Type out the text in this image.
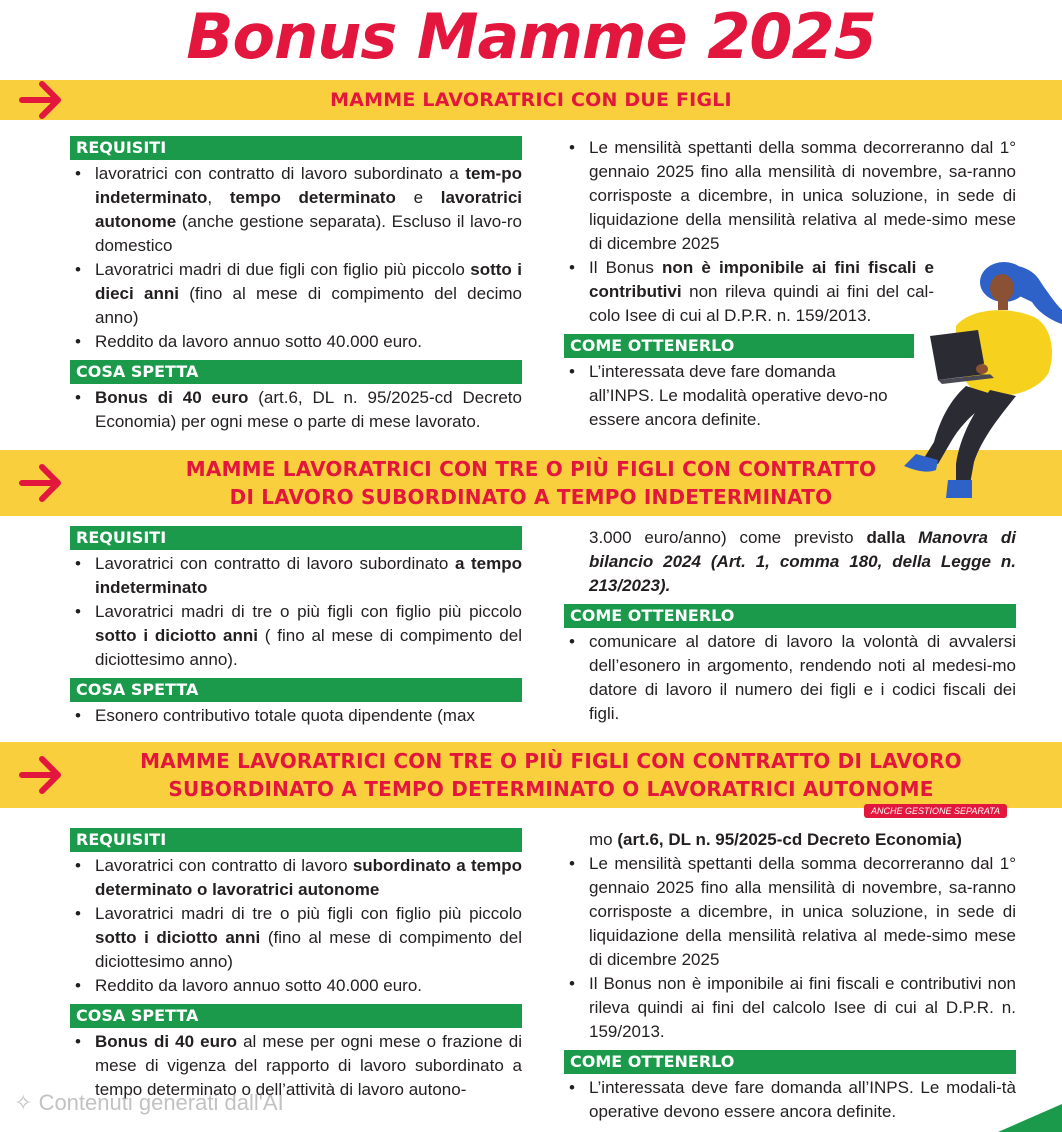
Bonus Mamme 2025
MAMME LAVORATRICI CON DUE FIGLI
REQUISITI
• lavoratrici con contratto di lavoro subordinato a tem-po indeterminato, tempo determinato e lavoratrici autonome (anche gestione separata). Escluso il lavo-ro domestico
• Lavoratrici madri di due figli con figlio più piccolo sotto i dieci anni (fino al mese di compimento del decimo anno)
• Reddito da lavoro annuo sotto 40.000 euro.
COSA SPETTA
• Bonus di 40 euro (art.6, DL n. 95/2025-cd Decreto Economia) per ogni mese o parte di mese lavorato.
• Le mensilità spettanti della somma decorreranno dal 1° gennaio 2025 fino alla mensilità di novembre, sa-ranno corrisposte a dicembre, in unica soluzione, in sede di liquidazione della mensilità relativa al mede-simo mese di dicembre 2025
• Il Bonus non è imponibile ai fini fiscali e contributivi non rileva quindi ai fini del cal-colo Isee di cui al D.P.R. n. 159/2013.
COME OTTENERLO
• L’interessata deve fare domanda all’INPS. Le modalità operative devo-no essere ancora definite.
MAMME LAVORATRICI CON TRE O PIÙ FIGLI CON CONTRATTO
DI LAVORO SUBORDINATO A TEMPO INDETERMINATO
REQUISITI
• Lavoratrici con contratto di lavoro subordinato a tempo indeterminato
• Lavoratrici madri di tre o più figli con figlio più piccolo sotto i diciotto anni ( fino al mese di compimento del diciottesimo anno).
COSA SPETTA
• Esonero contributivo totale quota dipendente (max
3.000 euro/anno) come previsto dalla Manovra di bilancio 2024 (Art. 1, comma 180, della Legge n. 213/2023).
COME OTTENERLO
• comunicare al datore di lavoro la volontà di avvalersi dell’esonero in argomento, rendendo noti al medesi-mo datore di lavoro il numero dei figli e i codici fiscali dei figli.
MAMME LAVORATRICI CON TRE O PIÙ FIGLI CON CONTRATTO DI LAVORO
SUBORDINATO A TEMPO DETERMINATO O LAVORATRICI AUTONOME
ANCHE GESTIONE SEPARATA
REQUISITI
• Lavoratrici con contratto di lavoro subordinato a tempo determinato o lavoratrici autonome
• Lavoratrici madri di tre o più figli con figlio più piccolo sotto i diciotto anni (fino al mese di compimento del diciottesimo anno)
• Reddito da lavoro annuo sotto 40.000 euro.
COSA SPETTA
• Bonus di 40 euro al mese per ogni mese o frazione di mese di vigenza del rapporto di lavoro subordinato a tempo determinato o dell’attività di lavoro autono-
mo (art.6, DL n. 95/2025-cd Decreto Economia)
• Le mensilità spettanti della somma decorreranno dal 1° gennaio 2025 fino alla mensilità di novembre, sa-ranno corrisposte a dicembre, in unica soluzione, in sede di liquidazione della mensilità relativa al mede-simo mese di dicembre 2025
• Il Bonus non è imponibile ai fini fiscali e contributivi non rileva quindi ai fini del calcolo Isee di cui al D.P.R. n. 159/2013.
COME OTTENERLO
• L’interessata deve fare domanda all’INPS. Le modali-tà operative devono essere ancora definite.
✧ Contenuti generati dall'AI
